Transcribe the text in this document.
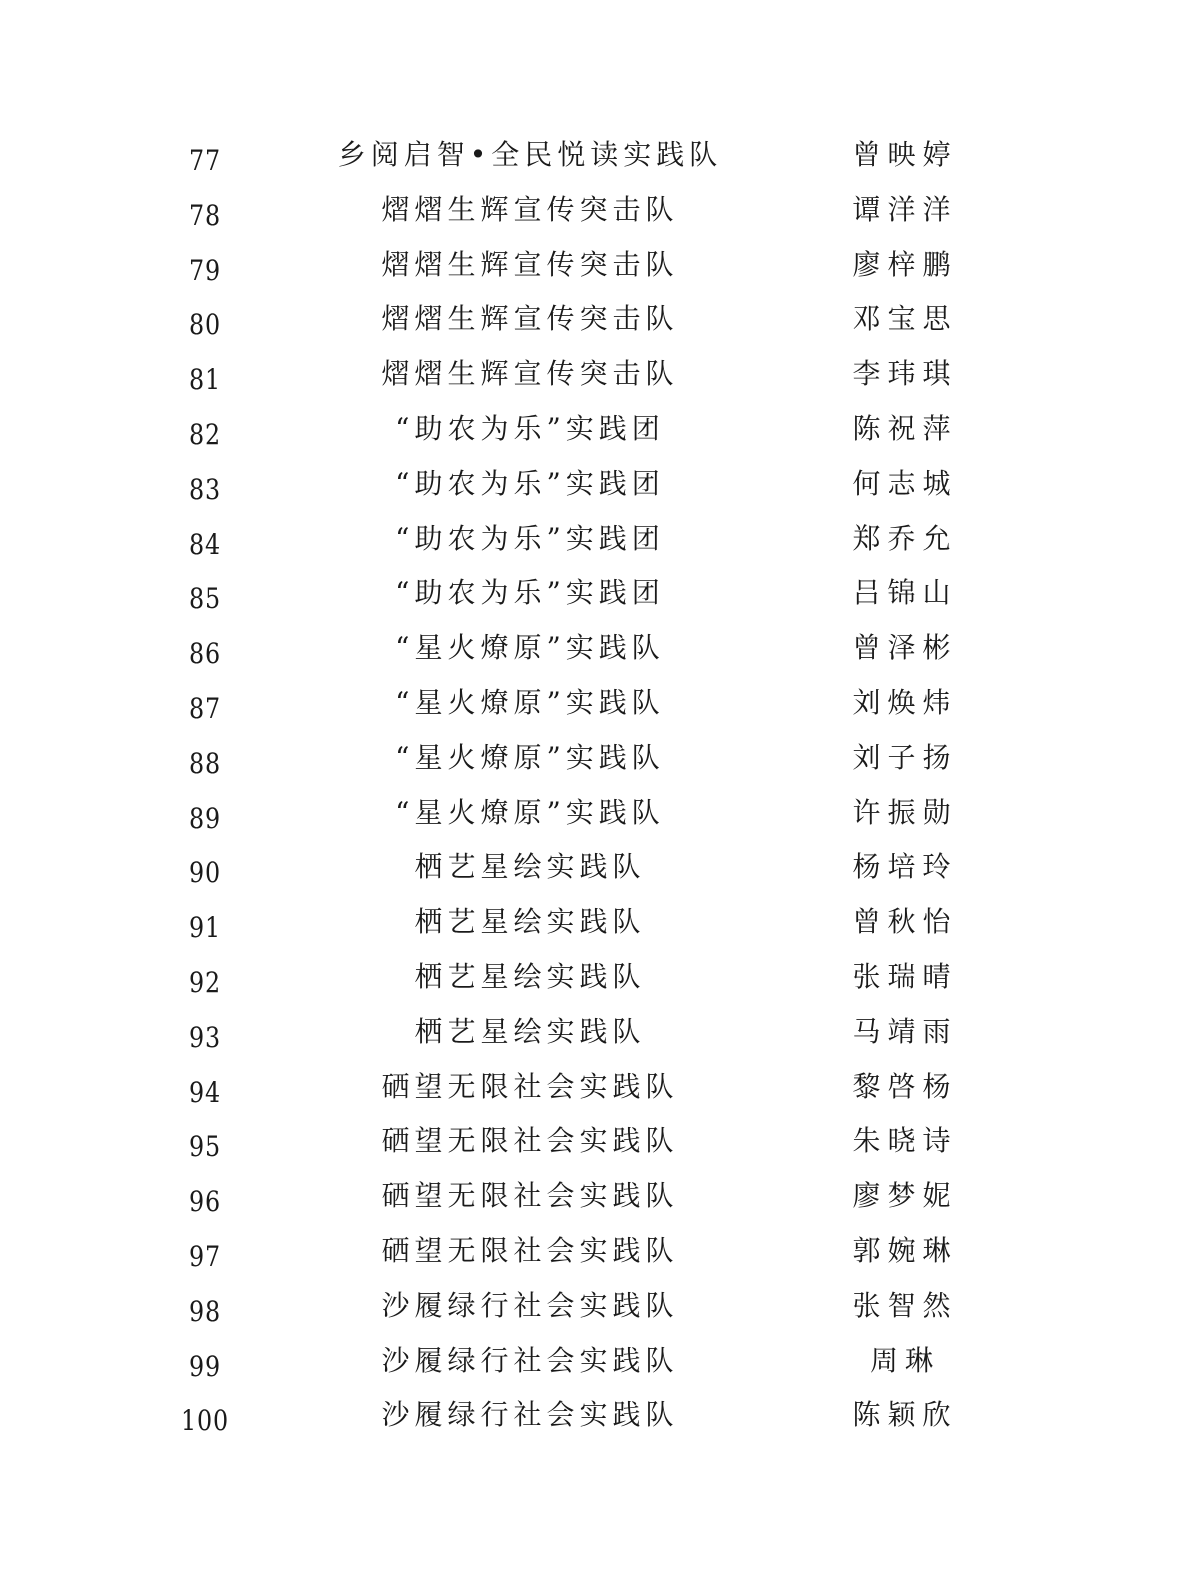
77	乡阅启智•全民悦读实践队	曾映婷
78	熠熠生辉宣传突击队	谭洋洋
79	熠熠生辉宣传突击队	廖梓鹏
80	熠熠生辉宣传突击队	邓宝思
81	熠熠生辉宣传突击队	李玮琪
82	“助农为乐”实践团	陈祝萍
83	“助农为乐”实践团	何志城
84	“助农为乐”实践团	郑乔允
85	“助农为乐”实践团	吕锦山
86	“星火燎原”实践队	曾泽彬
87	“星火燎原”实践队	刘焕炜
88	“星火燎原”实践队	刘子扬
89	“星火燎原”实践队	许振勋
90	栖艺星绘实践队	杨培玲
91	栖艺星绘实践队	曾秋怡
92	栖艺星绘实践队	张瑞晴
93	栖艺星绘实践队	马靖雨
94	硒望无限社会实践队	黎啓杨
95	硒望无限社会实践队	朱晓诗
96	硒望无限社会实践队	廖梦妮
97	硒望无限社会实践队	郭婉琳
98	沙履绿行社会实践队	张智然
99	沙履绿行社会实践队	周琳
100	沙履绿行社会实践队	陈颖欣
